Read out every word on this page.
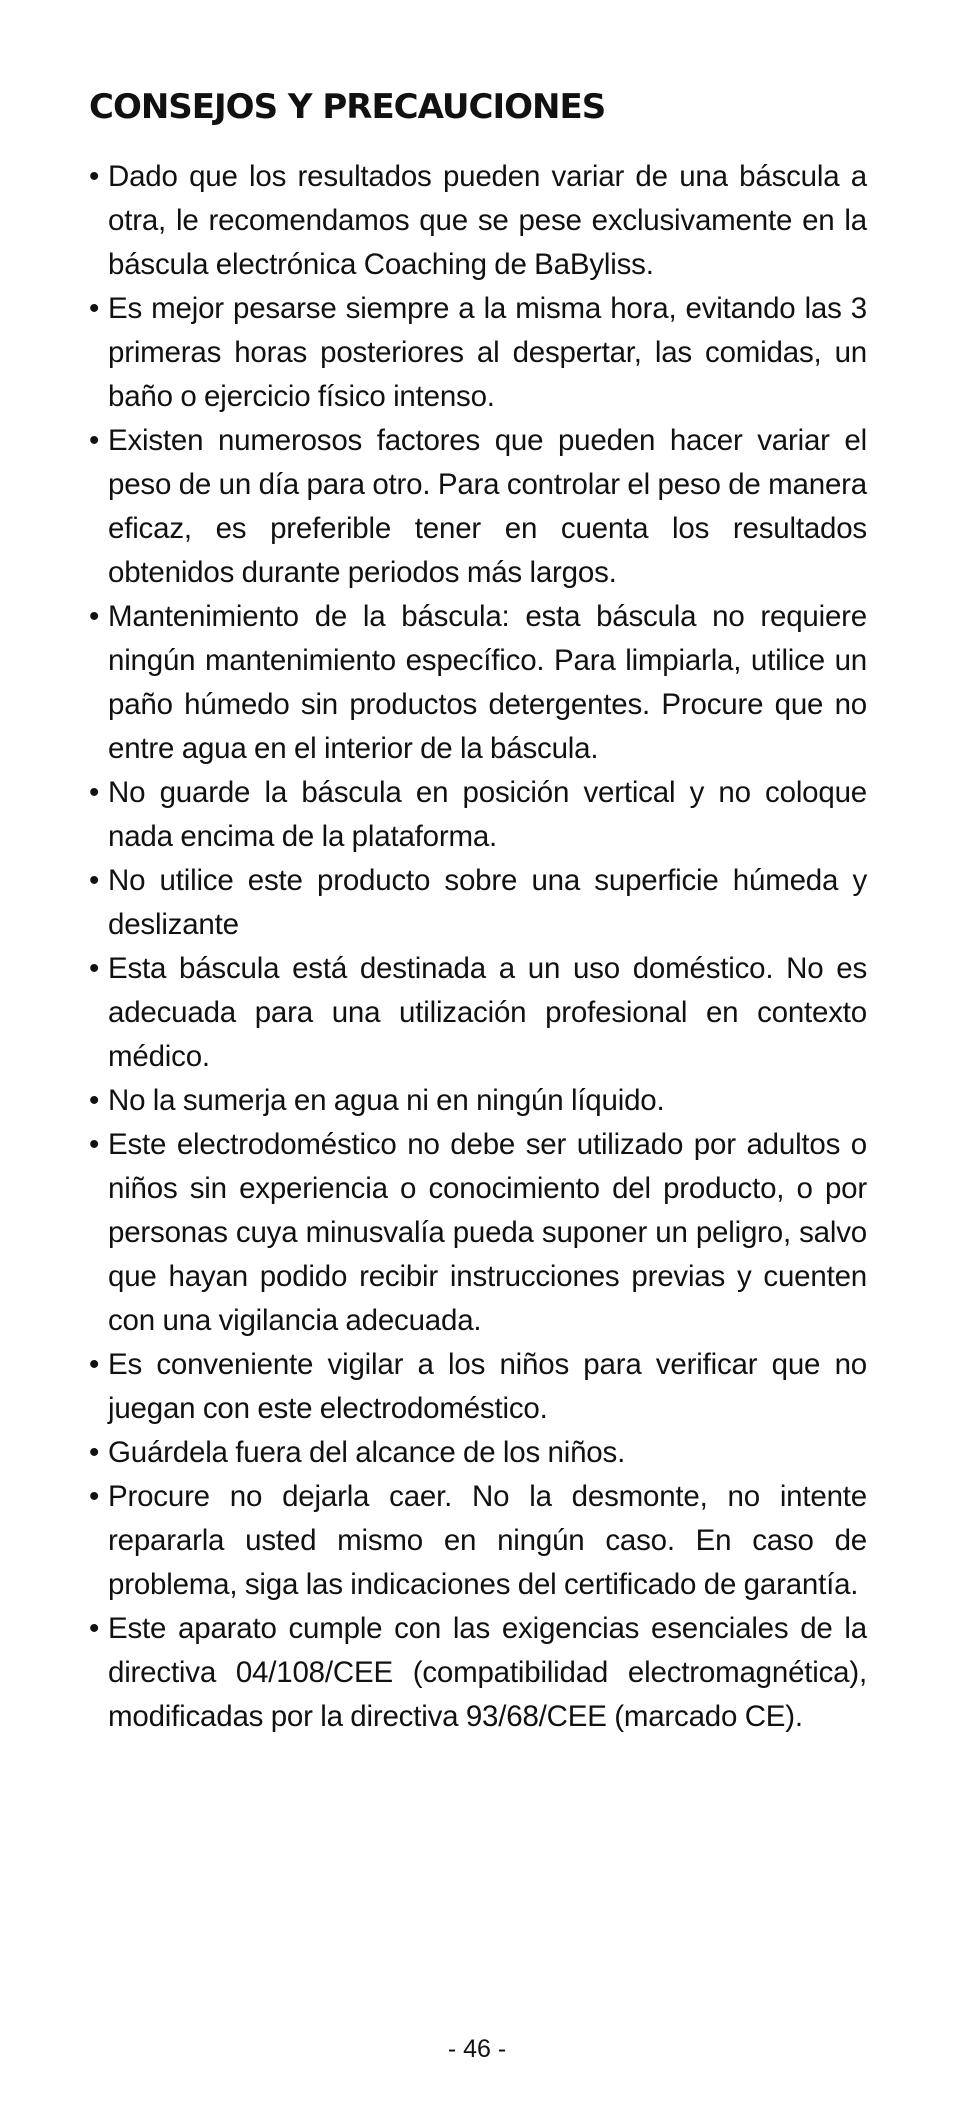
CONSEJOS Y PRECAUCIONES
• Dado que los resultados pueden variar de una báscula a otra, le recomendamos que se pese exclusivamente en la báscula electrónica Coaching de BaByliss.
• Es mejor pesarse siempre a la misma hora, evitando las 3 primeras horas posteriores al despertar, las comidas, un baño o ejercicio físico intenso.
• Existen numerosos factores que pueden hacer variar el peso de un día para otro. Para controlar el peso de manera eficaz, es preferible tener en cuenta los resultados obtenidos durante periodos más largos.
• Mantenimiento de la báscula: esta báscula no requiere ningún mantenimiento específico. Para limpiarla, utilice un paño húmedo sin productos detergentes. Procure que no entre agua en el interior de la báscula.
• No guarde la báscula en posición vertical y no coloque nada encima de la plataforma.
• No utilice este producto sobre una superficie húmeda y deslizante
• Esta báscula está destinada a un uso doméstico. No es adecuada para una utilización profesional en contexto médico.
• No la sumerja en agua ni en ningún líquido.
• Este electrodoméstico no debe ser utilizado por adultos o niños sin experiencia o conocimiento del producto, o por personas cuya minusvalía pueda suponer un peligro, salvo que hayan podido recibir instrucciones previas y cuenten con una vigilancia adecuada.
• Es conveniente vigilar a los niños para verificar que no juegan con este electrodoméstico.
• Guárdela fuera del alcance de los niños.
• Procure no dejarla caer. No la desmonte, no intente repararla usted mismo en ningún caso. En caso de problema, siga las indicaciones del certificado de garantía.
• Este aparato cumple con las exigencias esenciales de la directiva 04/108/CEE (compatibilidad electromagnética), modificadas por la directiva 93/68/CEE (marcado CE).
- 46 -
